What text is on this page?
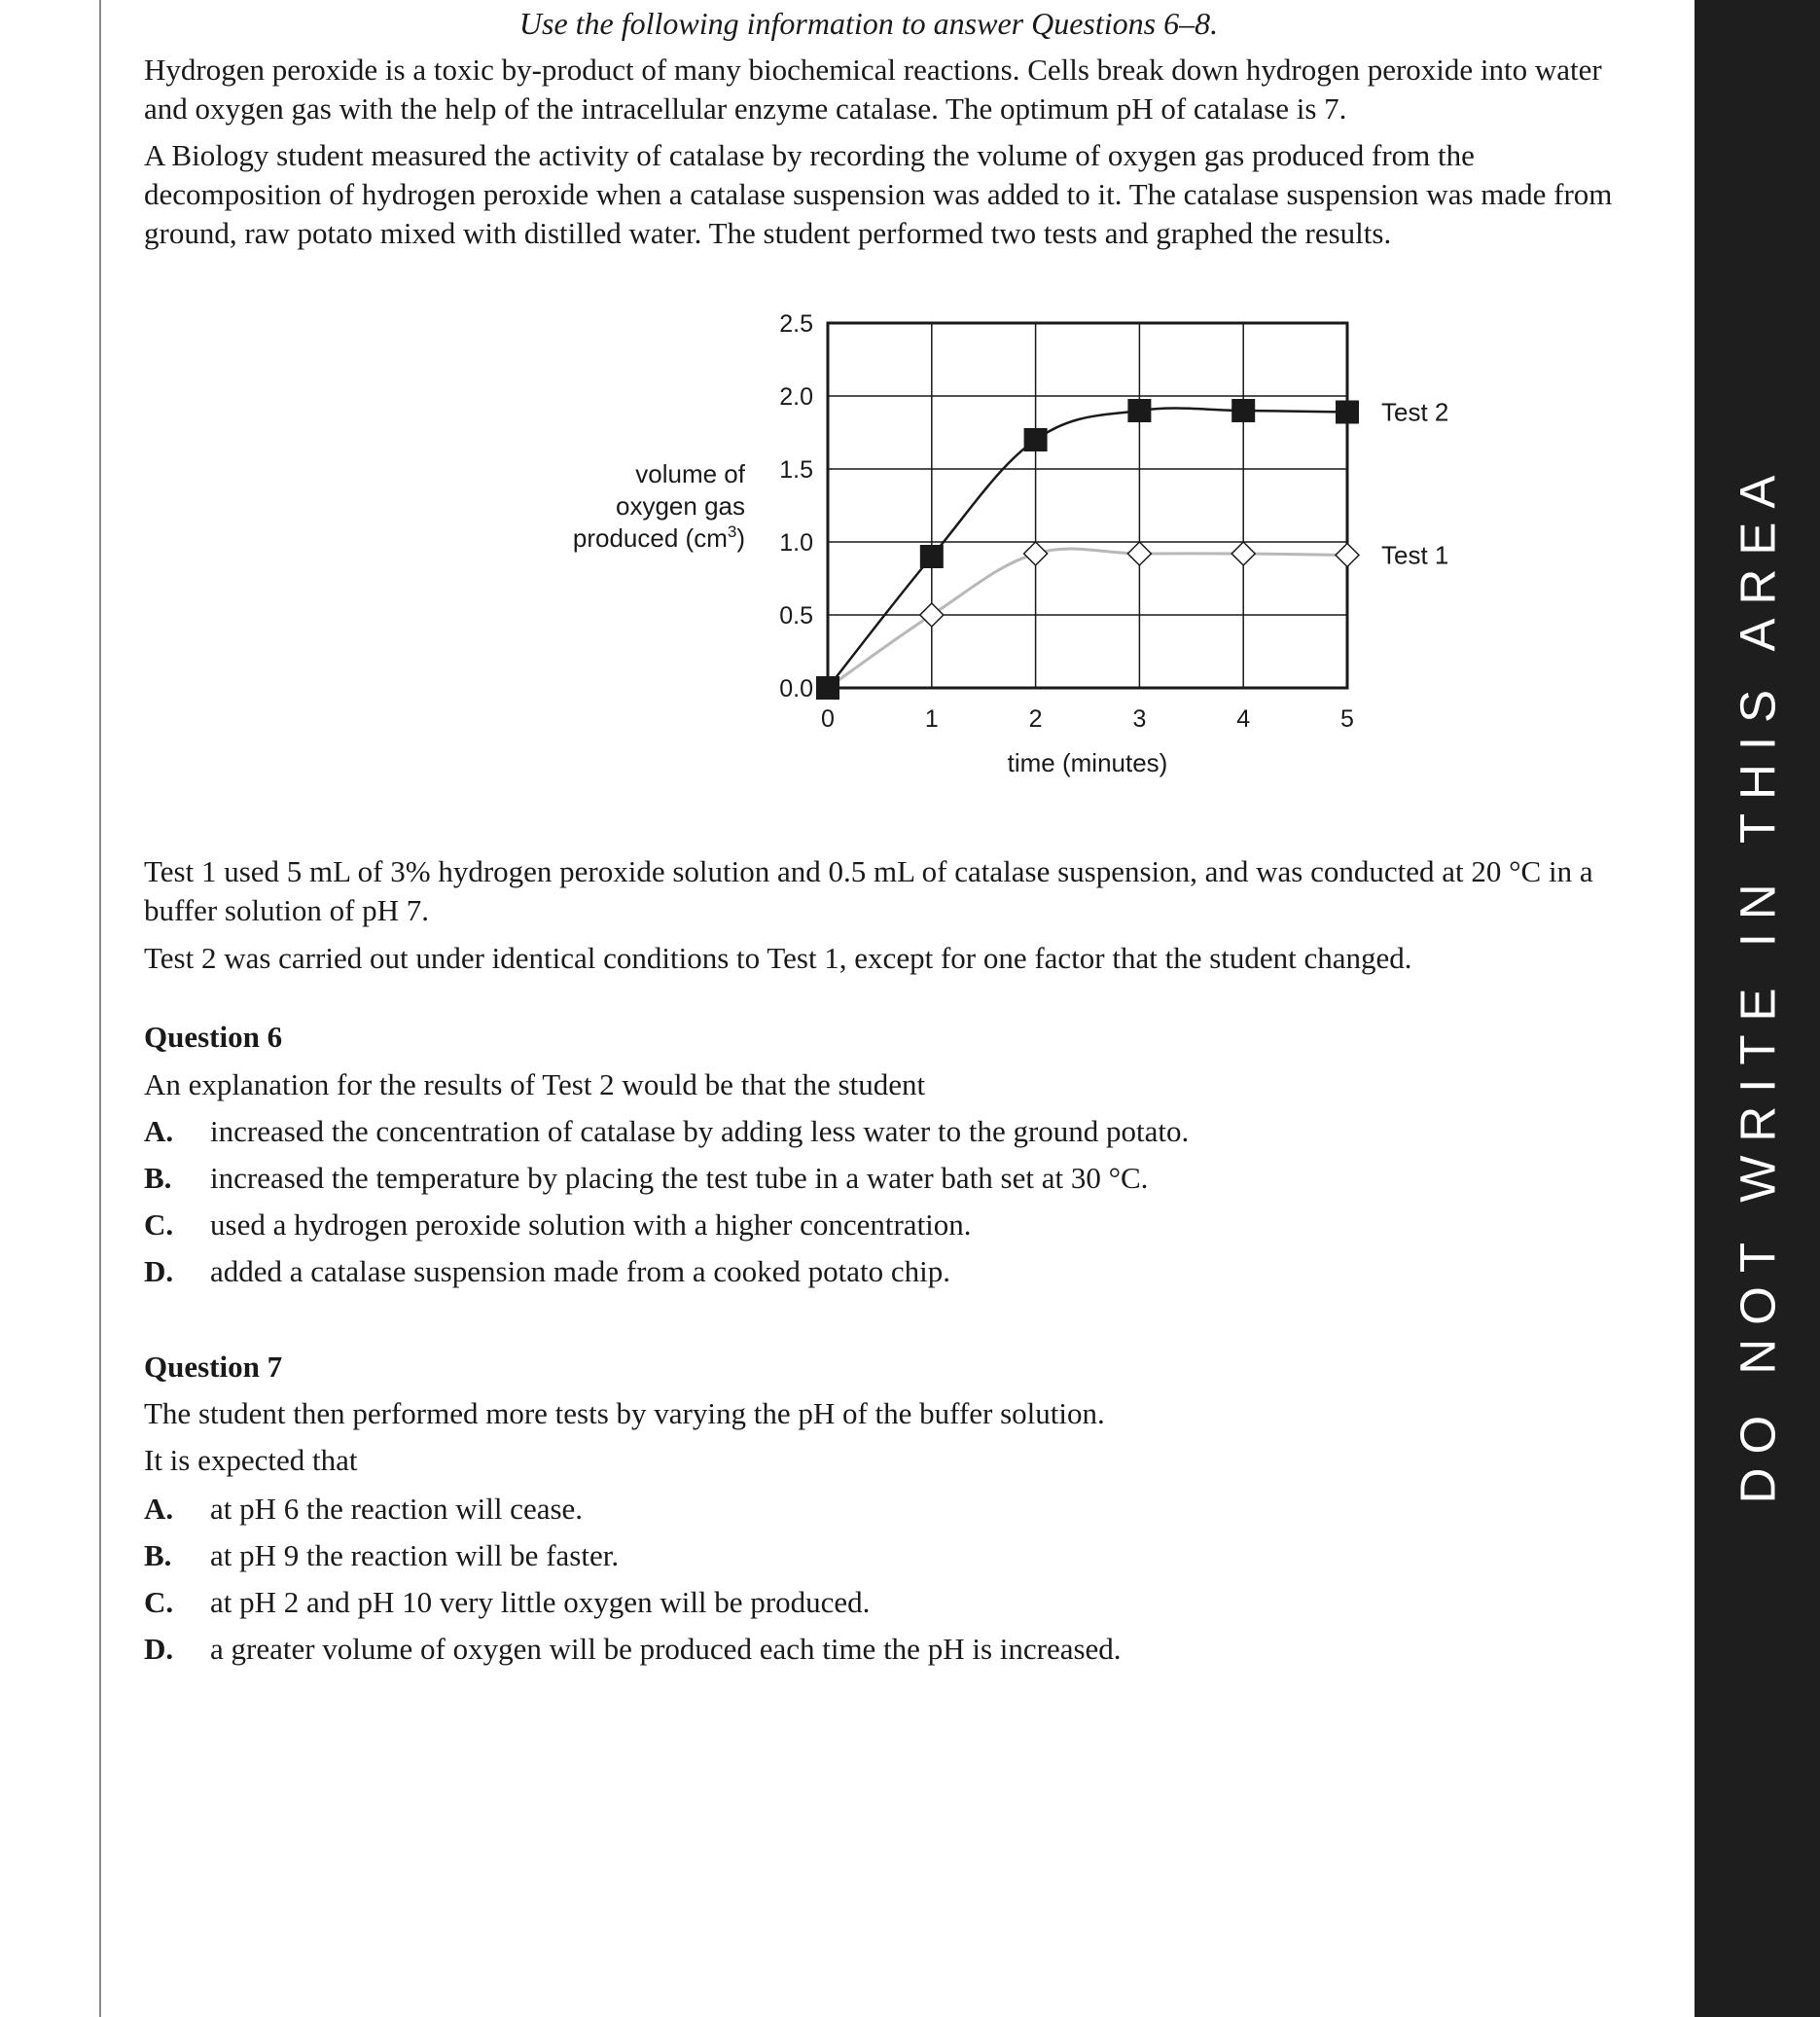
DO NOT WRITE IN THIS AREA
Use the following information to answer Questions 6–8.

Hydrogen peroxide is a toxic by-product of many biochemical reactions. Cells break down hydrogen peroxide into water and oxygen gas with the help of the intracellular enzyme catalase. The optimum pH of catalase is 7.

A Biology student measured the activity of catalase by recording the volume of oxygen gas produced from the decomposition of hydrogen peroxide when a catalase suspension was added to it. The catalase suspension was made from ground, raw potato mixed with distilled water. The student performed two tests and graphed the results.

0.0
0.5
1.0
1.5
2.0
2.5
0	1	2	3	4	5
time (minutes)
volume of
oxygen gas
produced $(cm^3)$
Test 1
Test 2

Test 1 used 5 mL of 3% hydrogen peroxide solution and 0.5 mL of catalase suspension, and was conducted at 20 °C in a buffer solution of pH 7.

Test 2 was carried out under identical conditions to Test 1, except for one factor that the student changed.

Question 6
An explanation for the results of Test 2 would be that the student
A.	increased the concentration of catalase by adding less water to the ground potato.
B.	increased the temperature by placing the test tube in a water bath set at 30 °C.
C.	used a hydrogen peroxide solution with a higher concentration.
D.	added a catalase suspension made from a cooked potato chip.
Question 7
The student then performed more tests by varying the pH of the buffer solution.
It is expected that
A.	at pH 6 the reaction will cease.
B.	at pH 9 the reaction will be faster.
C.	at pH 2 and pH 10 very little oxygen will be produced.
D.	a greater volume of oxygen will be produced each time the pH is increased.
